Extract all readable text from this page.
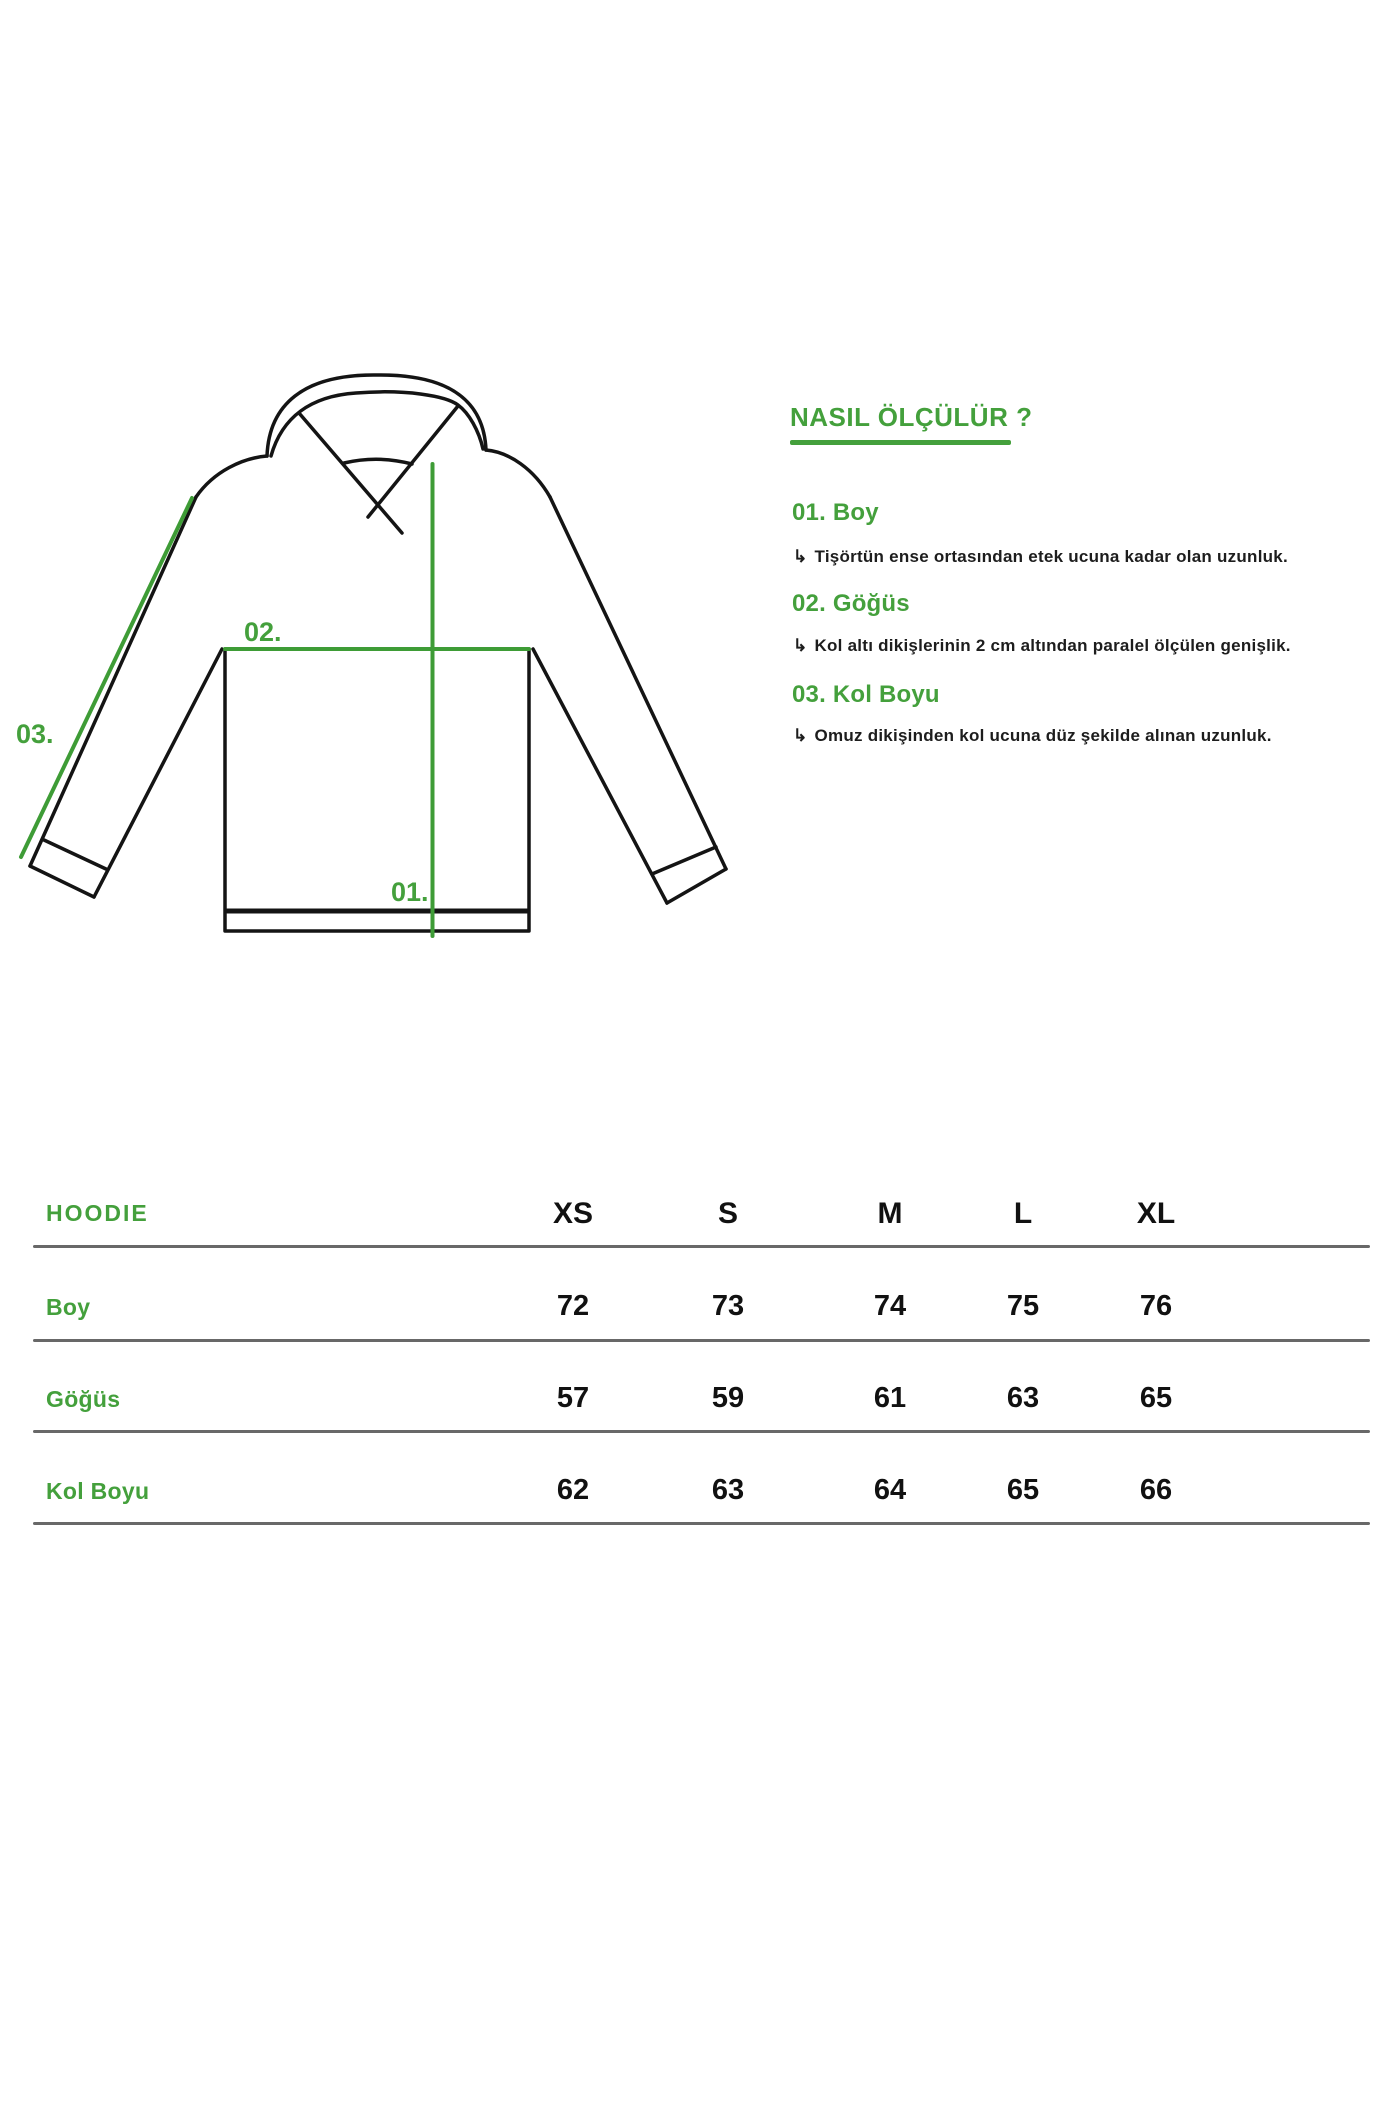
01.
02.
03.
NASIL ÖLÇÜLÜR ?
01. Boy
↳ Tişörtün ense ortasından etek ucuna kadar olan uzunluk.
02. Göğüs
↳ Kol altı dikişlerinin 2 cm altından paralel ölçülen genişlik.
03. Kol Boyu
↳ Omuz dikişinden kol ucuna düz şekilde alınan uzunluk.
HOODIE	XS	S	M	L	XL
Boy	72	73	74	75	76
Göğüs	57	59	61	63	65
Kol Boyu	62	63	64	65	66
